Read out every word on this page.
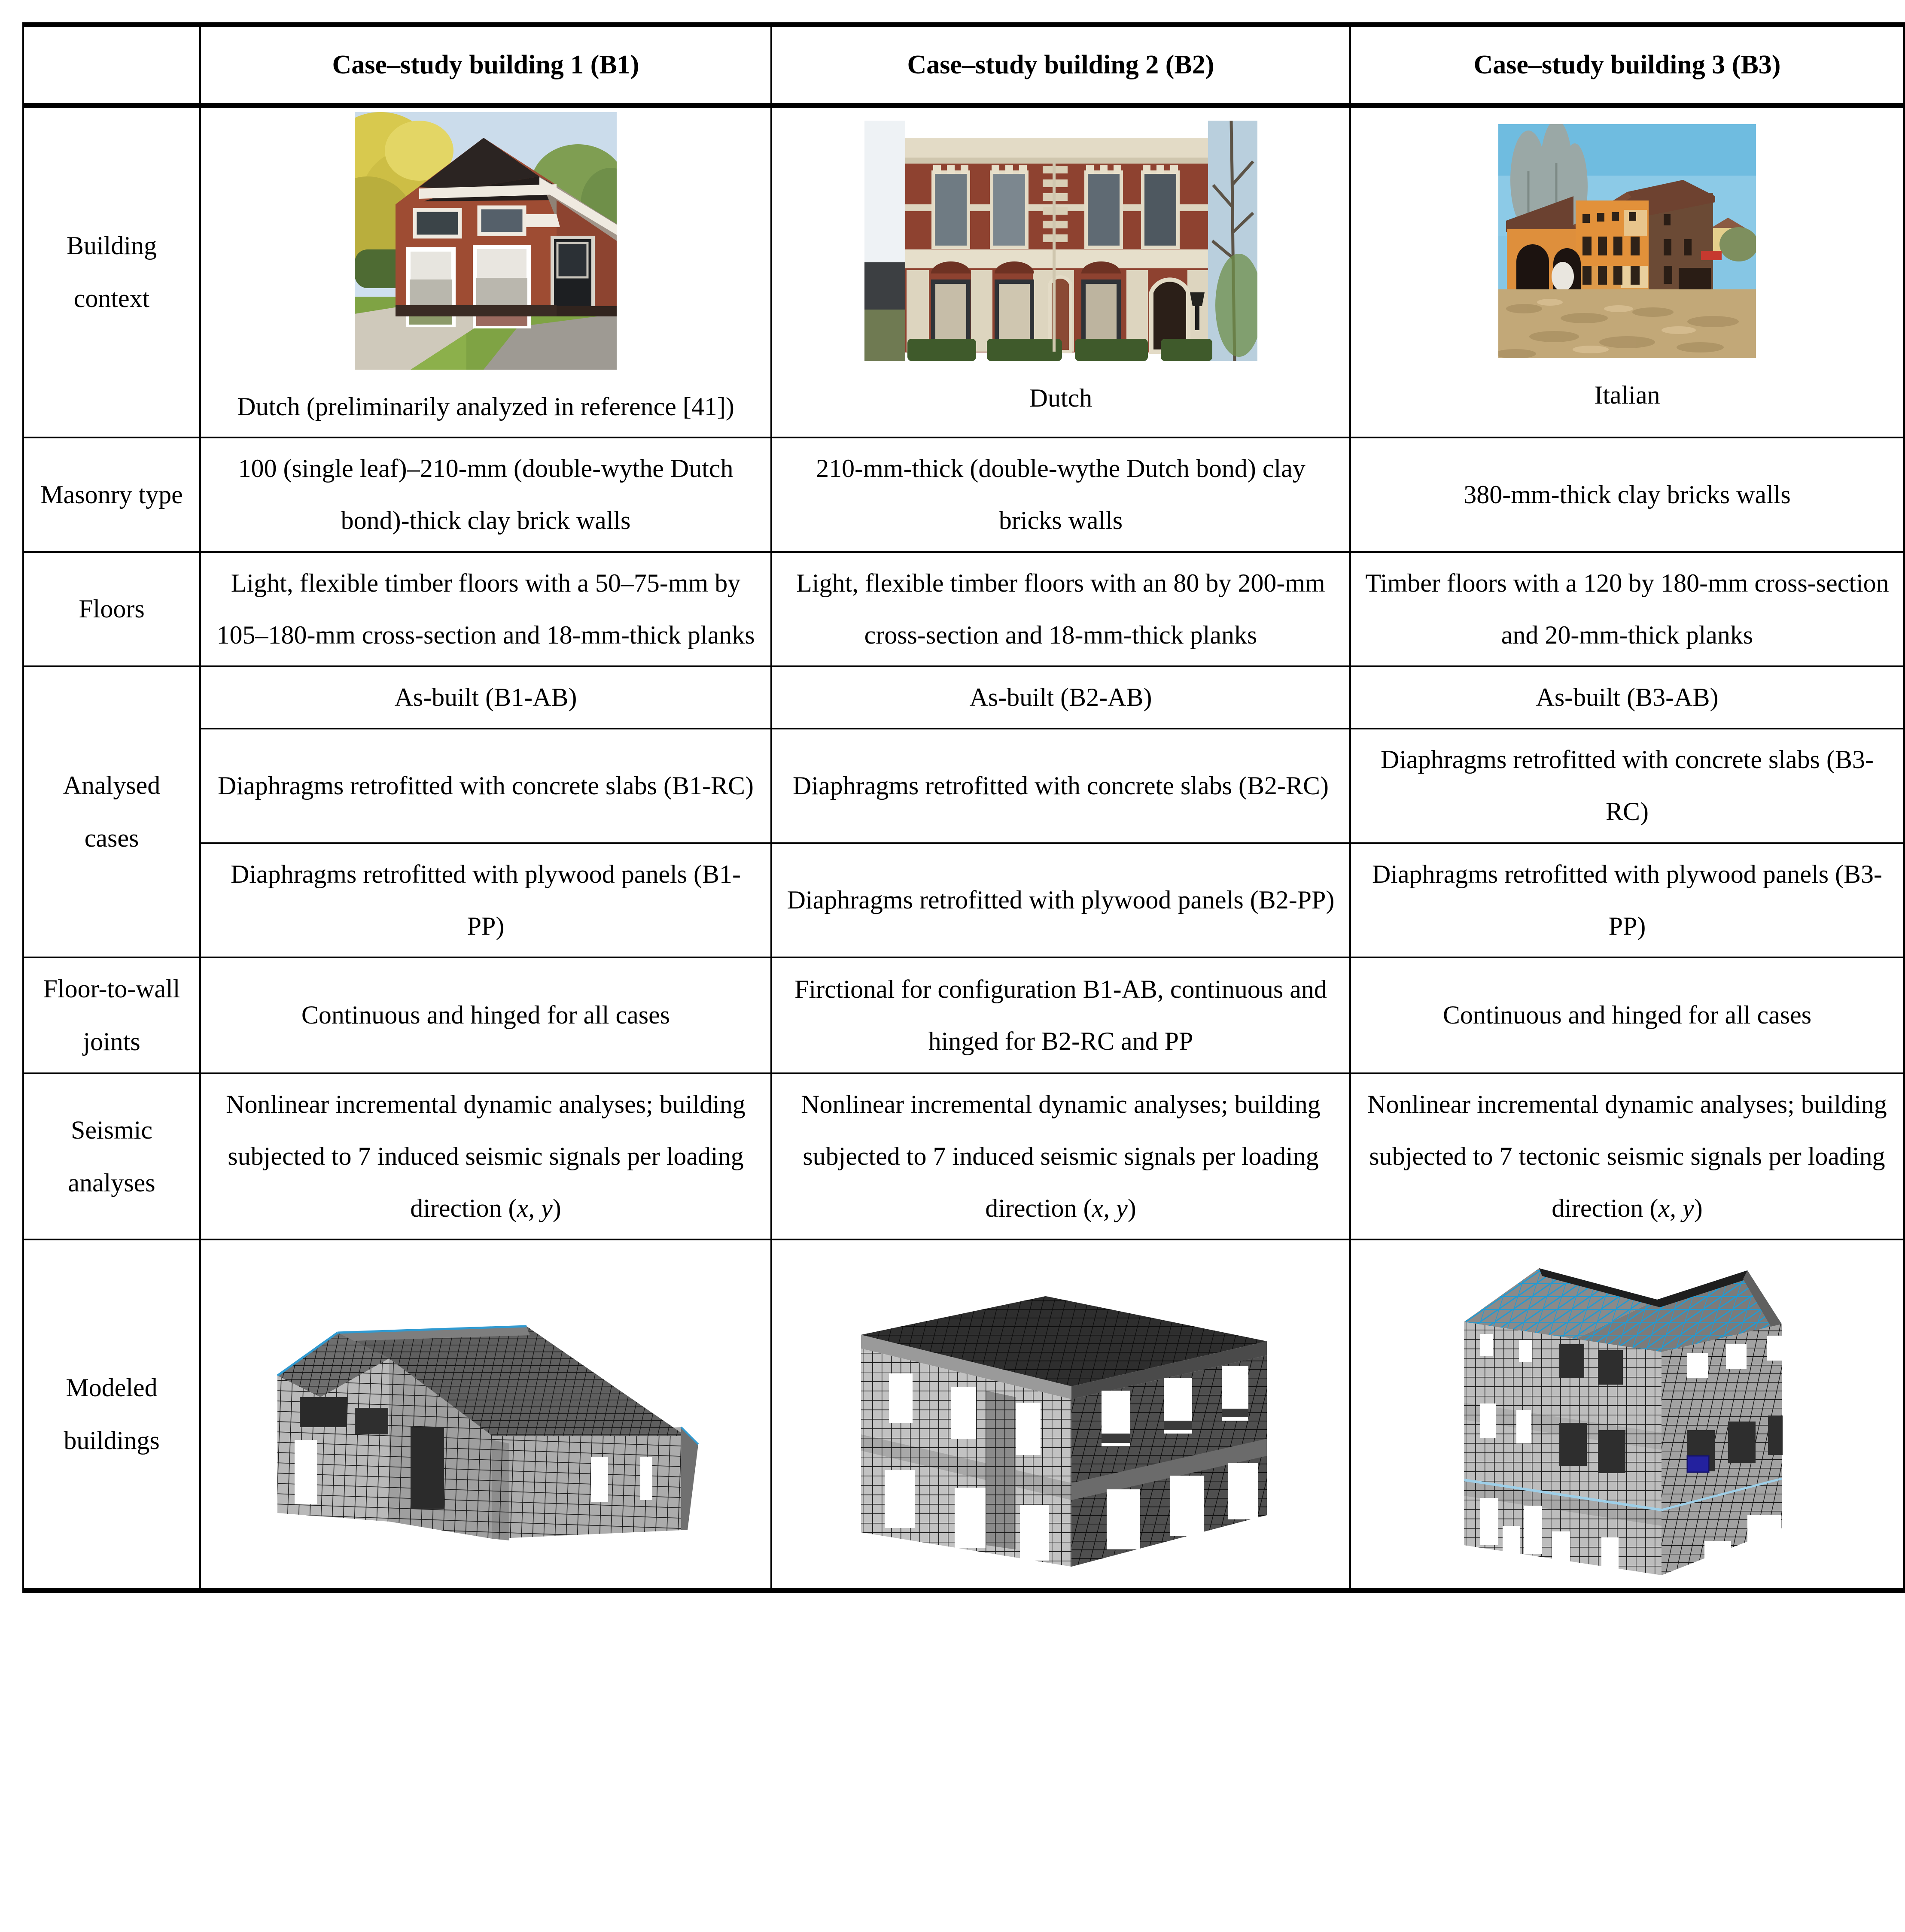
	Case–study building 1 (B1)	Case–study building 2 (B2)	Case–study building 3 (B3)
Building context	Dutch (preliminarily analyzed in reference [41])	Dutch	Italian

Masonry type	100 (single leaf)–210-mm (double-wythe Dutch bond)-thick clay brick walls	210-mm-thick (double-wythe Dutch bond) clay bricks walls	380-mm-thick clay bricks walls
Floors	Light, flexible timber floors with a 50–75-mm by 105–180-mm cross-section and 18-mm-thick planks	Light, flexible timber floors with an 80 by 200-mm cross-section and 18-mm-thick planks	Timber floors with a 120 by 180-mm cross-section and 20-mm-thick planks
Analysed cases	As-built (B1-AB)	As-built (B2-AB)	As-built (B3-AB)
	Diaphragms retrofitted with concrete slabs (B1-RC)	Diaphragms retrofitted with concrete slabs (B2-RC)	Diaphragms retrofitted with concrete slabs (B3-RC)
	Diaphragms retrofitted with plywood panels (B1-PP)	Diaphragms retrofitted with plywood panels (B2-PP)	Diaphragms retrofitted with plywood panels (B3-PP)
Floor-to-wall joints	Continuous and hinged for all cases	Firctional for configuration B1-AB, continuous and hinged for B2-RC and PP	Continuous and hinged for all cases
Seismic analyses	Nonlinear incremental dynamic analyses; building subjected to 7 induced seismic signals per loading direction (x, y)	Nonlinear incremental dynamic analyses; building subjected to 7 induced seismic signals per loading direction (x, y)	Nonlinear incremental dynamic analyses; building subjected to 7 tectonic seismic signals per loading direction (x, y)
Modeled buildings	
